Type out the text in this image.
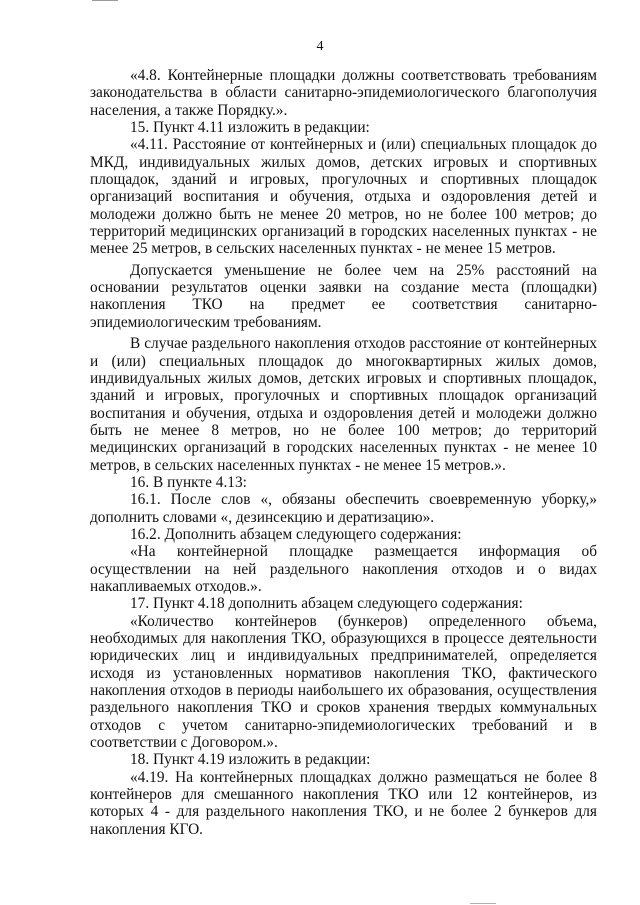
4

«4.8. Контейнерные площадки должны соответствовать требованиям законодательства в области санитарно-эпидемиологического благополучия населения, а также Порядку.».

15. Пункт 4.11 изложить в редакции:

«4.11. Расстояние от контейнерных и (или) специальных площадок до МКД, индивидуальных жилых домов, детских игровых и спортивных площадок, зданий и игровых, прогулочных и спортивных площадок организаций воспитания и обучения, отдыха и оздоровления детей и молодежи должно быть не менее 20 метров, но не более 100 метров; до территорий медицинских организаций в городских населенных пунктах - не менее 25 метров, в сельских населенных пунктах - не менее 15 метров.

Допускается уменьшение не более чем на 25% расстояний на основании результатов оценки заявки на создание места (площадки) накопления ТКО на предмет ее соответствия санитарно-эпидемиологическим требованиям.

В случае раздельного накопления отходов расстояние от контейнерных и (или) специальных площадок до многоквартирных жилых домов, индивидуальных жилых домов, детских игровых и спортивных площадок, зданий и игровых, прогулочных и спортивных площадок организаций воспитания и обучения, отдыха и оздоровления детей и молодежи должно быть не менее 8 метров, но не более 100 метров; до территорий медицинских организаций в городских населенных пунктах - не менее 10 метров, в сельских населенных пунктах - не менее 15 метров.».

16. В пункте 4.13:

16.1. После слов «, обязаны обеспечить своевременную уборку,» дополнить словами «, дезинсекцию и дератизацию».

16.2. Дополнить абзацем следующего содержания:

«На контейнерной площадке размещается информация об осуществлении на ней раздельного накопления отходов и о видах накапливаемых отходов.».

17. Пункт 4.18 дополнить абзацем следующего содержания:

«Количество контейнеров (бункеров) определенного объема, необходимых для накопления ТКО, образующихся в процессе деятельности юридических лиц и индивидуальных предпринимателей, определяется исходя из установленных нормативов накопления ТКО, фактического накопления отходов в периоды наибольшего их образования, осуществления раздельного накопления ТКО и сроков хранения твердых коммунальных отходов с учетом санитарно-эпидемиологических требований и в соответствии с Договором.».

18. Пункт 4.19 изложить в редакции:

«4.19. На контейнерных площадках должно размещаться не более 8 контейнеров для смешанного накопления ТКО или 12 контейнеров, из которых 4 - для раздельного накопления ТКО, и не более 2 бункеров для накопления КГО.
